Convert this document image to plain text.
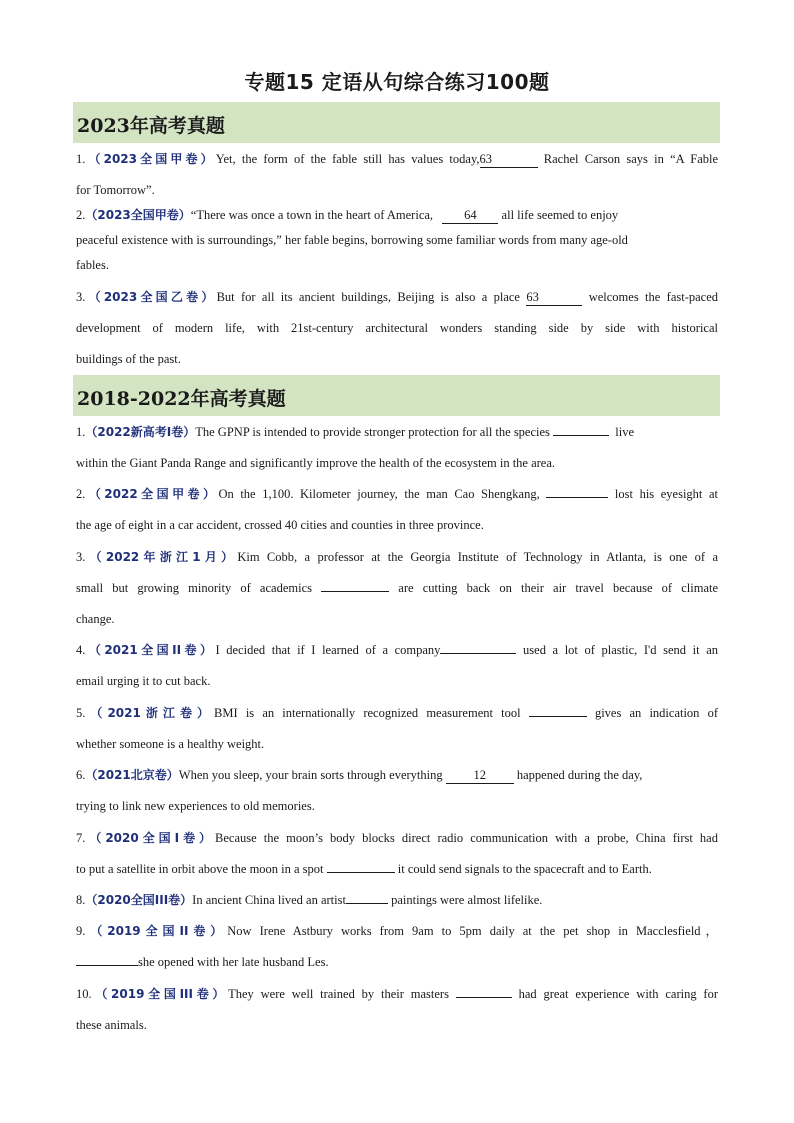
专题15 定语从句综合练习100题
2023年高考真题
1.（2023全国甲卷）Yet, the form of the fable still has values today,63	Rachel Carson says in “A Fable
for Tomorrow”.
2.（2023全国甲卷）“There was once a town in the heart of America, 64 all life seemed to enjoy
peaceful existence with is surroundings,” her fable begins, borrowing some familiar words from many age-old
fables.
3.（2023全国乙卷）But for all its ancient buildings, Beijing is also a place 63	welcomes the fast-paced
development of modern life, with 21st-century architectural wonders standing side by side with historical
buildings of the past.
2018-2022年高考真题
1.（2022新高考I卷）The GPNP is intended to provide stronger protection for all the species	live
within the Giant Panda Range and significantly improve the health of the ecosystem in the area.
2.（2022全国甲卷）On the 1,100. Kilometer journey, the man Cao Shengkang,	lost his eyesight at
the age of eight in a car accident, crossed 40 cities and counties in three province.
3.（2022年浙江1月）Kim Cobb, a professor at the Georgia Institute of Technology in Atlanta, is one of a
small but growing minority of academics	are cutting back on their air travel because of climate
change.
4.（2021全国II卷）I decided that if I learned of a company	used a lot of plastic, I'd send it an
email urging it to cut back.
5.（2021浙江卷）BMI is an internationally recognized measurement tool	gives an indication of
whether someone is a healthy weight.
6.（2021北京卷）When you sleep, your brain sorts through everything 12 happened during the day,
trying to link new experiences to old memories.
7.（2020全国I卷）Because the moon’s body blocks direct radio communication with a probe, China first had
to put a satellite in orbit above the moon in a spot	it could send signals to the spacecraft and to Earth.
8.（2020全国III卷）In ancient China lived an artist	paintings were almost lifelike.
9.（2019全国II卷）Now Irene Astbury works from 9am to 5pm daily at the pet shop in Macclesfield，
she opened with her late husband Les.
10.（2019全国III卷）They were well trained by their masters	had great experience with caring for
these animals.
